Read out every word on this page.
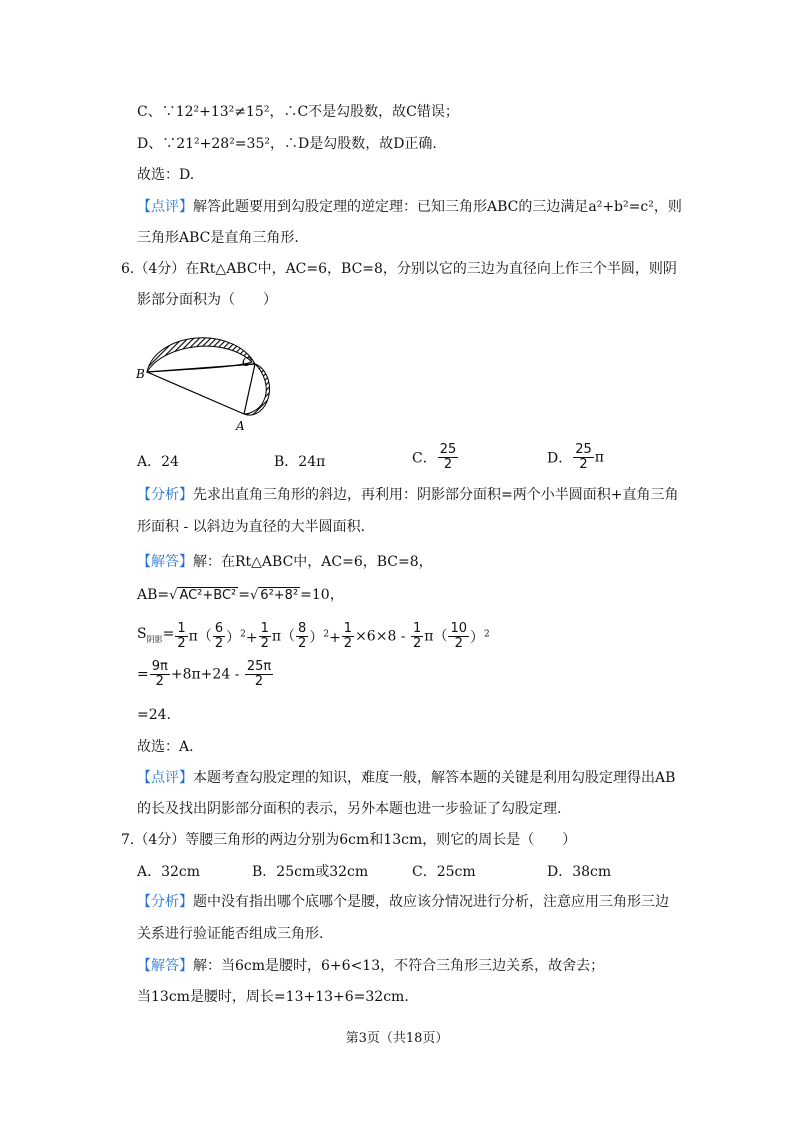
C、∵12²+13²≠15²，∴C不是勾股数，故C错误；
D、∵21²+28²=35²，∴D是勾股数，故D正确.
故选：D.
【点评】解答此题要用到勾股定理的逆定理：已知三角形ABC的三边满足a²+b²=c²，则
三角形ABC是直角三角形.
6.（4分）在Rt△ABC中，AC=6，BC=8，分别以它的三边为直径向上作三个半圆，则阴
影部分面积为（　　）
B
C
A
A．24	B．24π	C． $\frac{25}{2}$	D． $\frac{25}{2}$ π
【分析】先求出直角三角形的斜边，再利用：阴影部分面积=两个小半圆面积+直角三角
形面积 - 以斜边为直径的大半圆面积.
【解答】解：在Rt△ABC中，AC=6，BC=8，
AB=√ AC²+BC² =√ 6²+8² =10，
$S_{阴影}= \frac{1}{2} \pi( \frac{6}{2} )^2+ \frac{1}{2} \pi( \frac{8}{2} )^2+ \frac{1}{2} \times 6\times 8 - \frac{1}{2} \pi( \frac{10}{2} )^2$
= $\frac{9\pi}{2} +8\pi+24 - \frac{25\pi}{2}$
=24.
故选：A.
【点评】本题考查勾股定理的知识，难度一般，解答本题的关键是利用勾股定理得出AB
的长及找出阴影部分面积的表示，另外本题也进一步验证了勾股定理.
7.（4分）等腰三角形的两边分别为6cm和13cm，则它的周长是（　　）
A．32cm	B．25cm或32cm	C．25cm	D．38cm
【分析】题中没有指出哪个底哪个是腰，故应该分情况进行分析，注意应用三角形三边
关系进行验证能否组成三角形.
【解答】解：当6cm是腰时，6+6<13，不符合三角形三边关系，故舍去；
当13cm是腰时，周长=13+13+6=32cm.
第3页（共18页）
